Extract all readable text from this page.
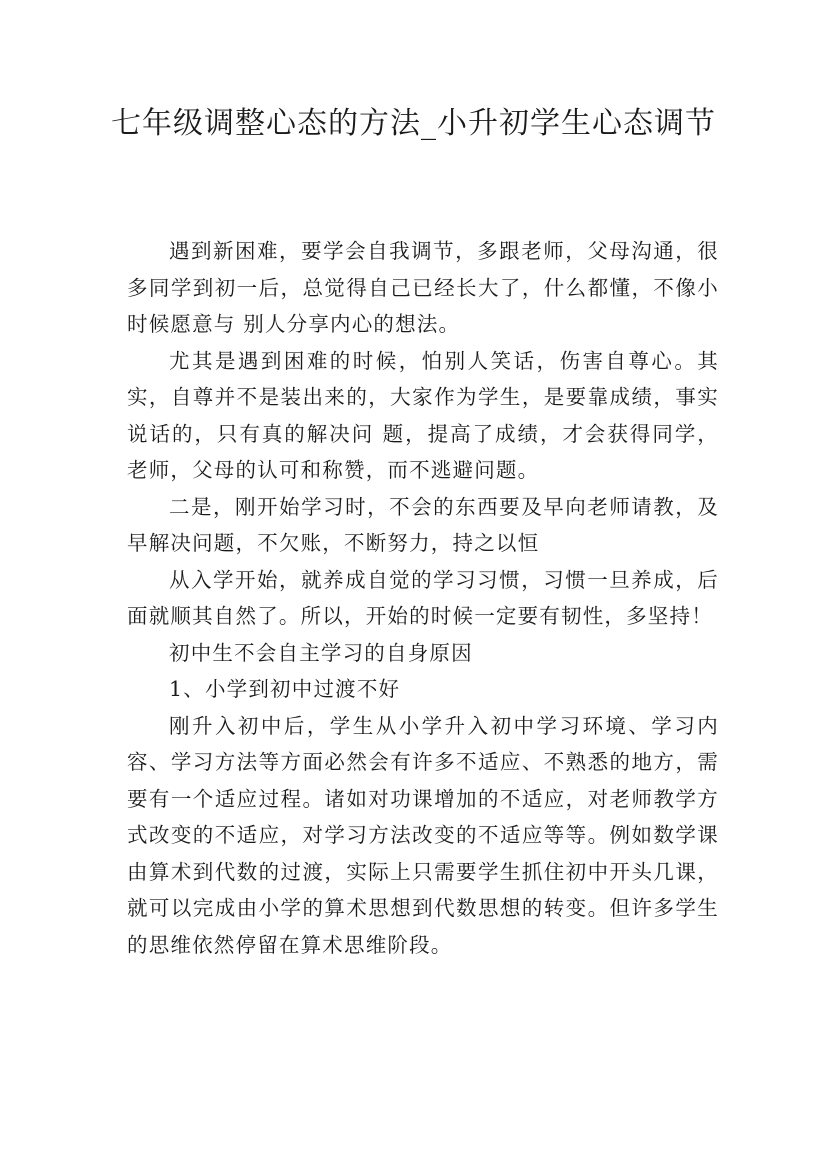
七年级调整心态的方法_小升初学生心态调节

遇到新困难，要学会自我调节，多跟老师，父母沟通，很多同学到初一后，总觉得自己已经长大了，什么都懂，不像小时候愿意与 别人分享内心的想法。

尤其是遇到困难的时候，怕别人笑话，伤害自尊心。其实，自尊并不是装出来的，大家作为学生，是要靠成绩，事实说话的，只有真的解决问 题，提高了成绩，才会获得同学，老师，父母的认可和称赞，而不逃避问题。

二是，刚开始学习时，不会的东西要及早向老师请教，及早解决问题，不欠账，不断努力，持之以恒

从入学开始，就养成自觉的学习习惯，习惯一旦养成，后面就顺其自然了。所以，开始的时候一定要有韧性，多坚持！

初中生不会自主学习的自身原因

1、小学到初中过渡不好

刚升入初中后，学生从小学升入初中学习环境、学习内容、学习方法等方面必然会有许多不适应、不熟悉的地方，需要有一个适应过程。诸如对功课增加的不适应，对老师教学方式改变的不适应，对学习方法改变的不适应等等。例如数学课由算术到代数的过渡，实际上只需要学生抓住初中开头几课，就可以完成由小学的算术思想到代数思想的转变。但许多学生的思维依然停留在算术思维阶段。
